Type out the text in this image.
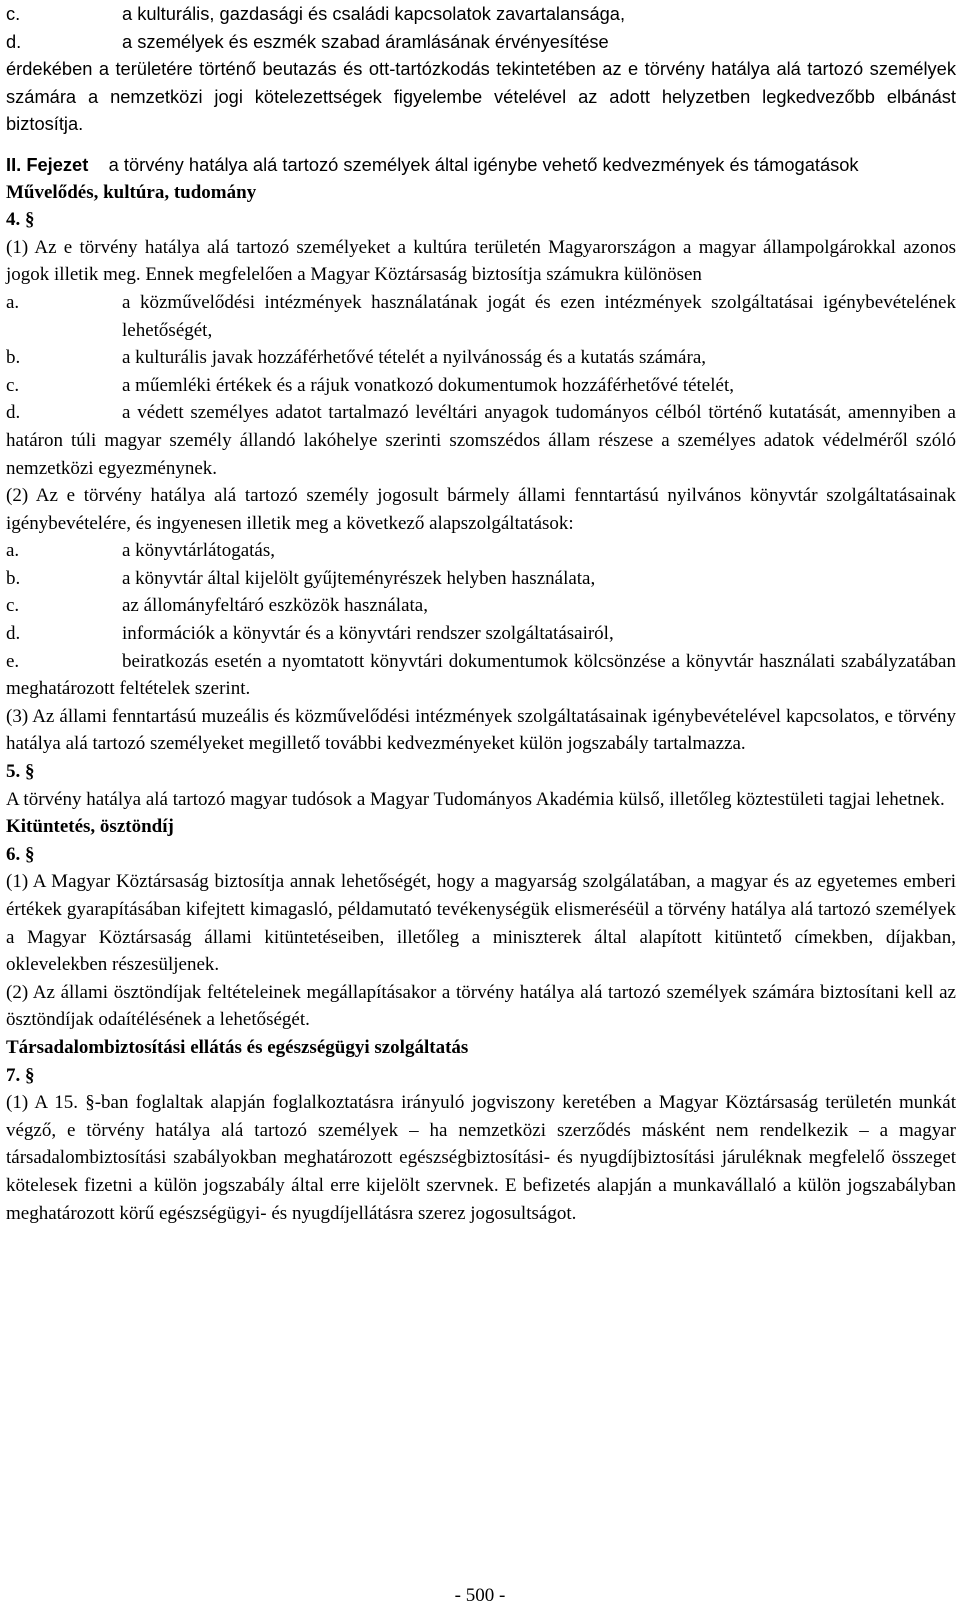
c.	a kulturális, gazdasági és családi kapcsolatok zavartalansága,
d.	a személyek és eszmék szabad áramlásának érvényesítése

érdekében a területére történő beutazás és ott-tartózkodás tekintetében az e törvény hatálya alá tartozó személyek számára a nemzetközi jogi kötelezettségek figyelembe vételével az adott helyzetben legkedvezőbb elbánást biztosítja.

II. Fejezet a törvény hatálya alá tartozó személyek által igénybe vehető kedvezmények és támogatások

Művelődés, kultúra, tudomány
4. §

(1) Az e törvény hatálya alá tartozó személyeket a kultúra területén Magyarországon a magyar állampolgárokkal azonos jogok illetik meg. Ennek megfelelően a Magyar Köztársaság biztosítja számukra különösen

a.	a közművelődési intézmények használatának jogát és ezen intézmények szolgáltatásai igénybevételének lehetőségét,
b.	a kulturális javak hozzáférhetővé tételét a nyilvánosság és a kutatás számára,
c.	a műemléki értékek és a rájuk vonatkozó dokumentumok hozzáférhetővé tételét,

d.	a védett személyes adatot tartalmazó levéltári anyagok tudományos célból történő kutatását, amennyiben a határon túli magyar személy állandó lakóhelye szerinti szomszédos állam részese a személyes adatok védelméről szóló nemzetközi egyezménynek.

(2) Az e törvény hatálya alá tartozó személy jogosult bármely állami fenntartású nyilvános könyvtár szolgáltatásainak igénybevételére, és ingyenesen illetik meg a következő alapszolgáltatások:

a.	a könyvtárlátogatás,
b.	a könyvtár által kijelölt gyűjteményrészek helyben használata,
c.	az állományfeltáró eszközök használata,
d.	információk a könyvtár és a könyvtári rendszer szolgáltatásairól,

e.	beiratkozás esetén a nyomtatott könyvtári dokumentumok kölcsönzése a könyvtár használati szabályzatában meghatározott feltételek szerint.

(3) Az állami fenntartású muzeális és közművelődési intézmények szolgáltatásainak igénybevételével kapcsolatos, e törvény hatálya alá tartozó személyeket megillető további kedvezményeket külön jogszabály tartalmazza.

5. §

A törvény hatálya alá tartozó magyar tudósok a Magyar Tudományos Akadémia külső, illetőleg köztestületi tagjai lehetnek.

Kitüntetés, ösztöndíj
6. §

(1) A Magyar Köztársaság biztosítja annak lehetőségét, hogy a magyarság szolgálatában, a magyar és az egyetemes emberi értékek gyarapításában kifejtett kimagasló, példamutató tevékenységük elismeréséül a törvény hatálya alá tartozó személyek a Magyar Köztársaság állami kitüntetéseiben, illetőleg a miniszterek által alapított kitüntető címekben, díjakban, oklevelekben részesüljenek.

(2) Az állami ösztöndíjak feltételeinek megállapításakor a törvény hatálya alá tartozó személyek számára biztosítani kell az ösztöndíjak odaítélésének a lehetőségét.

Társadalombiztosítási ellátás és egészségügyi szolgáltatás
7. §

(1) A 15. §-ban foglaltak alapján foglalkoztatásra irányuló jogviszony keretében a Magyar Köztársaság területén munkát végző, e törvény hatálya alá tartozó személyek – ha nemzetközi szerződés másként nem rendelkezik – a magyar társadalombiztosítási szabályokban meghatározott egészségbiztosítási- és nyugdíjbiztosítási járuléknak megfelelő összeget kötelesek fizetni a külön jogszabály által erre kijelölt szervnek. E befizetés alapján a munkavállaló a külön jogszabályban meghatározott körű egészségügyi- és nyugdíjellátásra szerez jogosultságot.

- 500 -
